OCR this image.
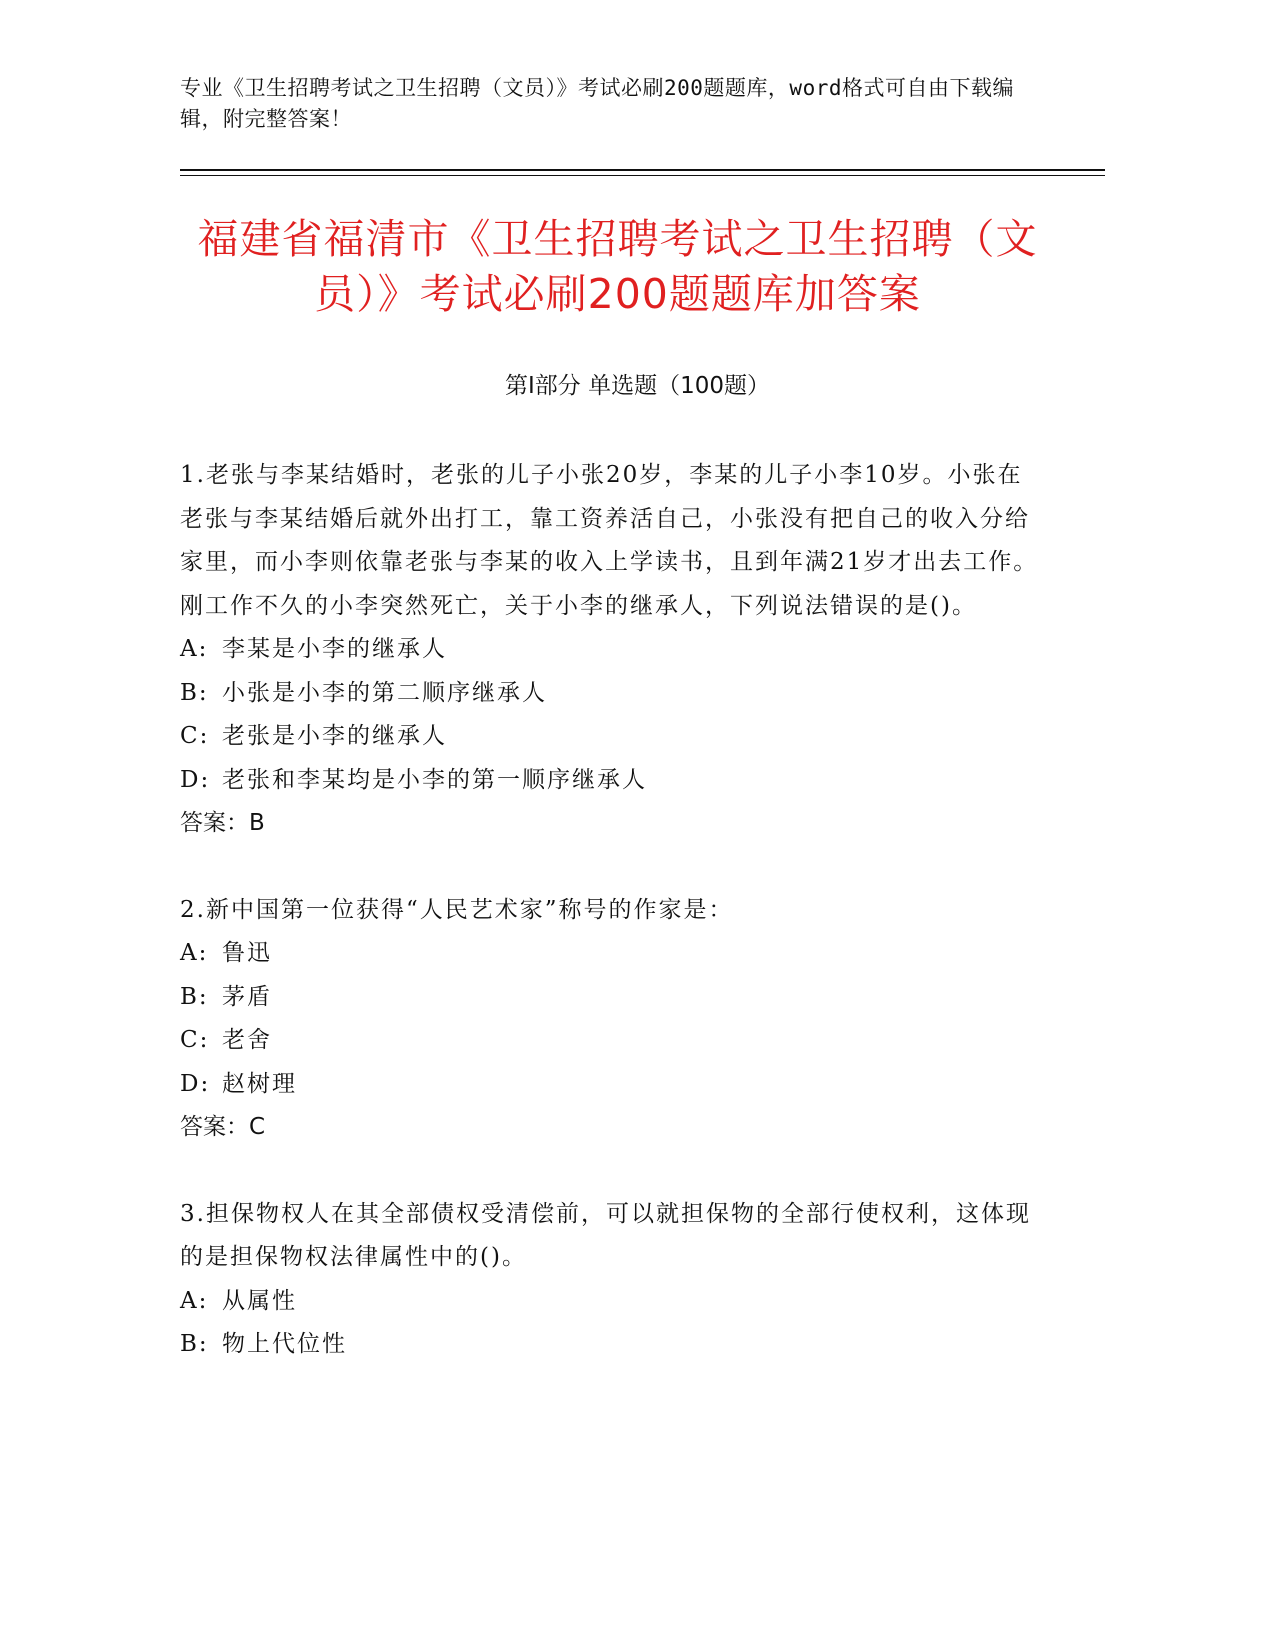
专业《卫生招聘考试之卫生招聘（文员）》考试必刷200题题库，word格式可自由下载编辑，附完整答案！
福建省福清市《卫生招聘考试之卫生招聘（文员）》考试必刷200题题库加答案
第I部分 单选题（100题）

1.老张与李某结婚时，老张的儿子小张20岁，李某的儿子小李10岁。小张在老张与李某结婚后就外出打工，靠工资养活自己，小张没有把自己的收入分给家里，而小李则依靠老张与李某的收入上学读书，且到年满21岁才出去工作。刚工作不久的小李突然死亡，关于小李的继承人，下列说法错误的是()。

A: 李某是小李的继承人

B: 小张是小李的第二顺序继承人

C: 老张是小李的继承人

D: 老张和李某均是小李的第一顺序继承人

答案：B

2.新中国第一位获得“人民艺术家”称号的作家是：

A: 鲁迅

B: 茅盾

C: 老舍

D: 赵树理

答案：C

3.担保物权人在其全部债权受清偿前，可以就担保物的全部行使权利，这体现的是担保物权法律属性中的()。

A: 从属性

B: 物上代位性
